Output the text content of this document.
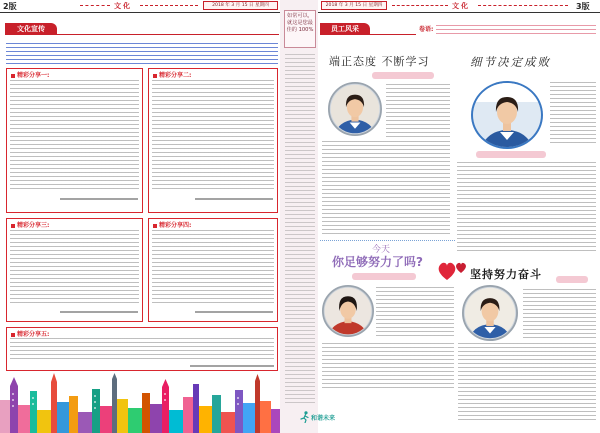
2版	文化	2018 年 3 月 15 日 星期四
文化宣传
精彩分享一:	精彩分享二:
精彩分享三:	精彩分享四:
精彩分享五:
如常可以，就这是您最佳的 100%
和谐未来
2018 年 3 月 15 日 星期四	文化	3版
员工风采	卷语:
端正态度 不断学习	细节决定成败
今天
你足够努力了吗?
坚持努力奋斗
